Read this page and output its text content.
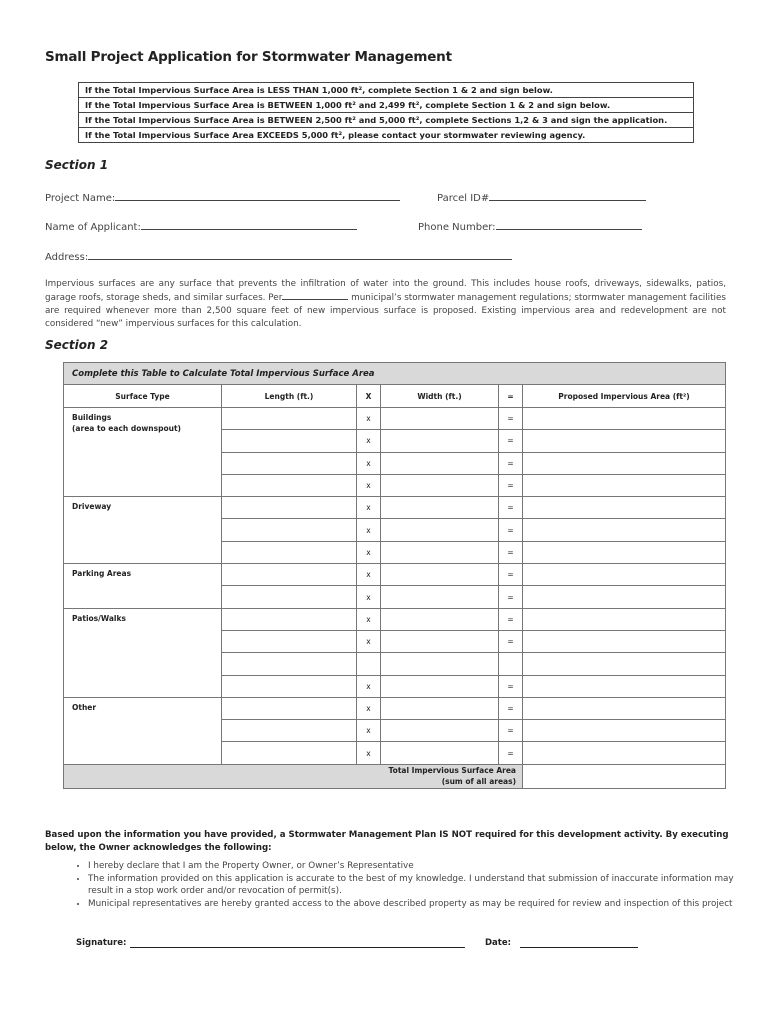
Small Project Application for Stormwater Management
If the Total Impervious Surface Area is LESS THAN 1,000 ft², complete Section 1 & 2 and sign below.
If the Total Impervious Surface Area is BETWEEN 1,000 ft² and 2,499 ft², complete Section 1 & 2 and sign below.
If the Total Impervious Surface Area is BETWEEN 2,500 ft² and 5,000 ft², complete Sections 1,2 & 3 and sign the application.
If the Total Impervious Surface Area EXCEEDS 5,000 ft², please contact your stormwater reviewing agency.
Section 1
Project Name:	Parcel ID#
Name of Applicant:	Phone Number:
Address:
Impervious surfaces are any surface that prevents the infiltration of water into the ground. This includes house roofs, driveways, sidewalks, patios, garage roofs, storage sheds, and similar surfaces. Per	municipal’s stormwater management regulations; stormwater management facilities are required whenever more than 2,500 square feet of new impervious surface is proposed. Existing impervious area and redevelopment are not considered “new” impervious surfaces for this calculation.
Section 2
Complete this Table to Calculate Total Impervious Surface Area					
Surface Type	Length (ft.)	X	Width (ft.)	=	Proposed Impervious Area (ft²)
Buildings
(area to each downspout)		x		=	
		x		=	
		x		=	
		x		=	
Driveway		x		=	
		x		=	
		x		=	
Parking Areas		x		=	
		x		=	
Patios/Walks		x		=	
		x		=	

		x		=	
Other		x		=	
		x		=	
		x		=	
Total Impervious Surface Area
(sum of all areas)					
Based upon the information you have provided, a Stormwater Management Plan IS NOT required for this development activity. By executing below, the Owner acknowledges the following:
• I hereby declare that I am the Property Owner, or Owner’s Representative
• The information provided on this application is accurate to the best of my knowledge. I understand that submission of inaccurate information may result in a stop work order and/or revocation of permit(s).
• Municipal representatives are hereby granted access to the above described property as may be required for review and inspection of this project
Signature:	Date:
